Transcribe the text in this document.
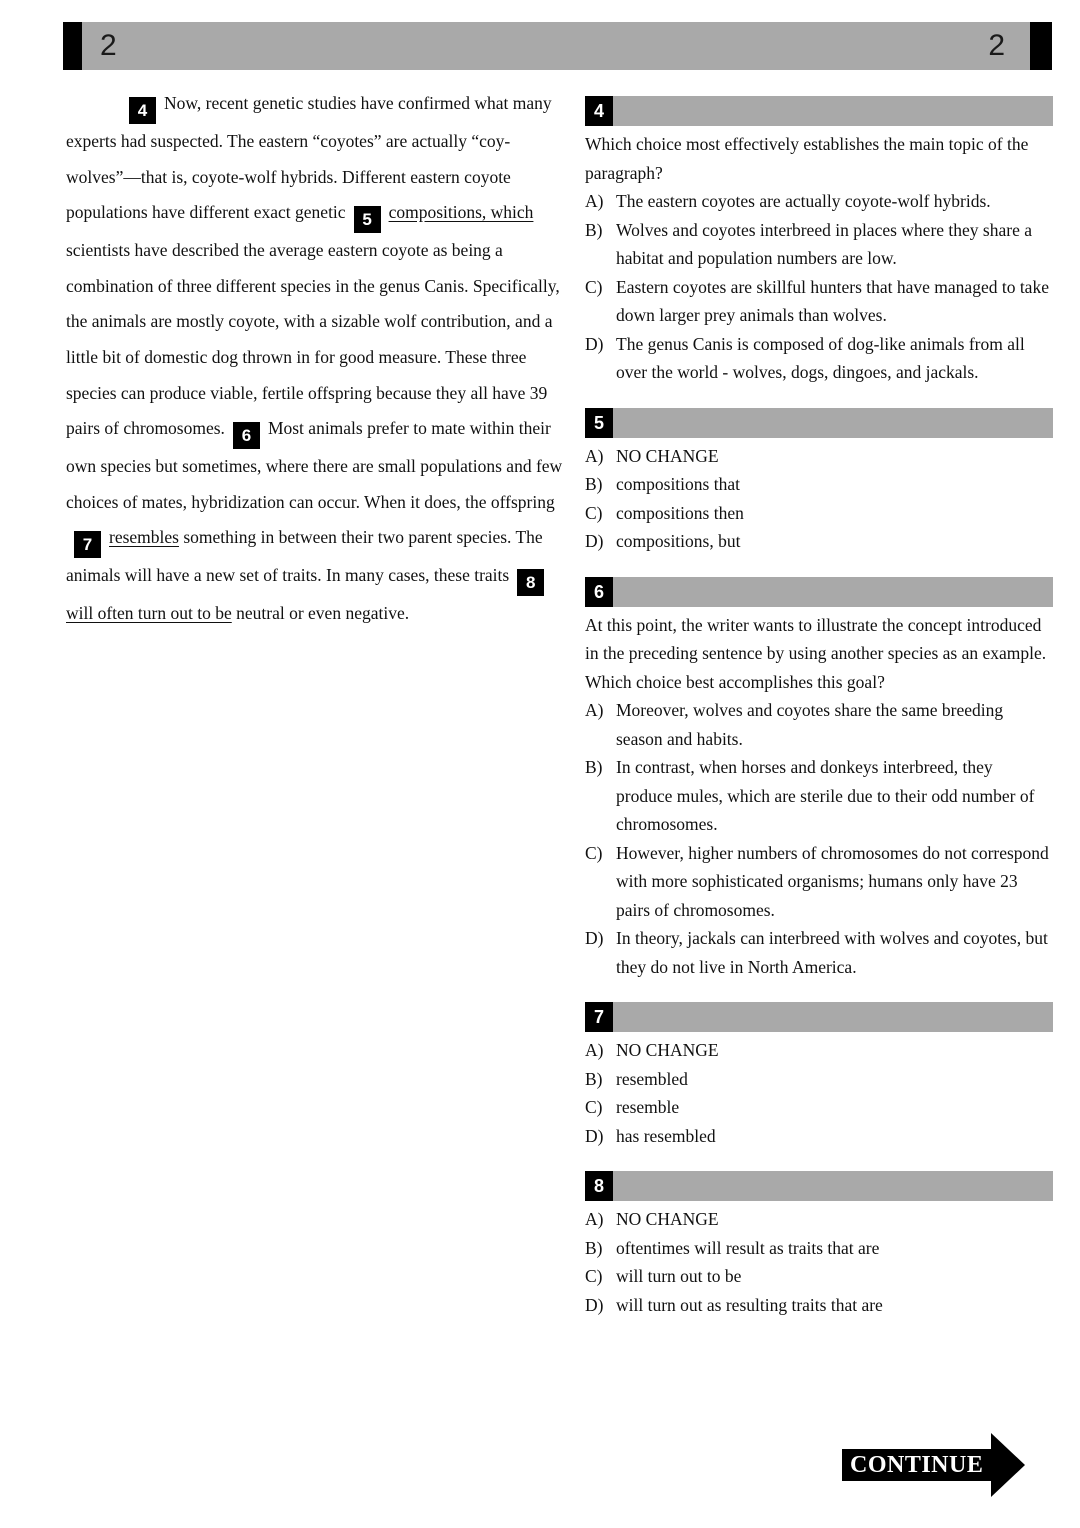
2	2
4 Now, recent genetic studies have confirmed what many experts had suspected. The eastern “coyotes” are actually “coy-wolves”—that is, coyote-wolf hybrids. Different eastern coyote populations have different exact genetic 5 compositions, which scientists have described the average eastern coyote as being a combination of three different species in the genus Canis. Specifically, the animals are mostly coyote, with a sizable wolf contribution, and a little bit of domestic dog thrown in for good measure. These three species can produce viable, fertile offspring because they all have 39 pairs of chromosomes. 6 Most animals prefer to mate within their own species but sometimes, where there are small populations and few choices of mates, hybridization can occur. When it does, the offspring7 resembles something in between their two parent species. The animals will have a new set of traits. In many cases, these traits 8will often turn out to be neutral or even negative.
4

Which choice most effectively establishes the main topic of the paragraph?

A) The eastern coyotes are actually coyote-wolf hybrids.
B) Wolves and coyotes interbreed in places where they share a habitat and population numbers are low.
C) Eastern coyotes are skillful hunters that have managed to take down larger prey animals than wolves.
D) The genus Canis is composed of dog-like animals from all over the world - wolves, dogs, dingoes, and jackals.
5
A) NO CHANGE
B) compositions that
C) compositions then
D) compositions, but
6

At this point, the writer wants to illustrate the concept introduced in the preceding sentence by using another species as an example. Which choice best accomplishes this goal?

A) Moreover, wolves and coyotes share the same breeding season and habits.
B) In contrast, when horses and donkeys interbreed, they produce mules, which are sterile due to their odd number of chromosomes.
C) However, higher numbers of chromosomes do not correspond with more sophisticated organisms; humans only have 23 pairs of chromosomes.
D) In theory, jackals can interbreed with wolves and coyotes, but they do not live in North America.
7
A) NO CHANGE
B) resembled
C) resemble
D) has resembled
8
A) NO CHANGE
B) oftentimes will result as traits that are
C) will turn out to be
D) will turn out as resulting traits that are
CONTINUE
